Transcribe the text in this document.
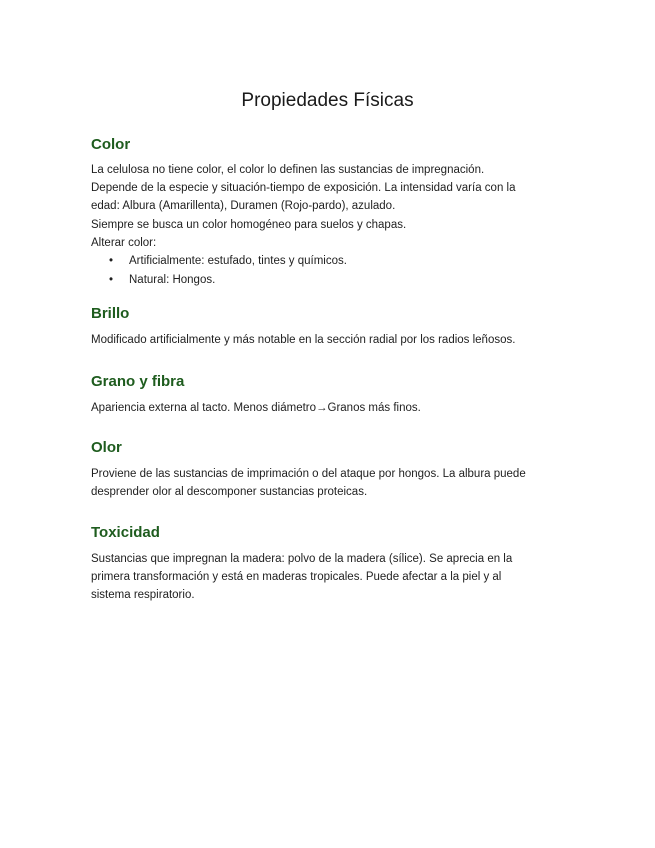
Propiedades Físicas
Color

La celulosa no tiene color, el color lo definen las sustancias de impregnación.

Depende de la especie y situación-tiempo de exposición. La intensidad varía con la

edad: Albura (Amarillenta), Duramen (Rojo-pardo), azulado.

Siempre se busca un color homogéneo para suelos y chapas.

Alterar color:

• Artificialmente: estufado, tintes y químicos.
• Natural: Hongos.
Brillo

Modificado artificialmente y más notable en la sección radial por los radios leñosos.

Grano y fibra

Apariencia externa al tacto. Menos diámetro→Granos más finos.

Olor

Proviene de las sustancias de imprimación o del ataque por hongos. La albura puede

desprender olor al descomponer sustancias proteicas.

Toxicidad

Sustancias que impregnan la madera: polvo de la madera (sílice). Se aprecia en la

primera transformación y está en maderas tropicales. Puede afectar a la piel y al

sistema respiratorio.
